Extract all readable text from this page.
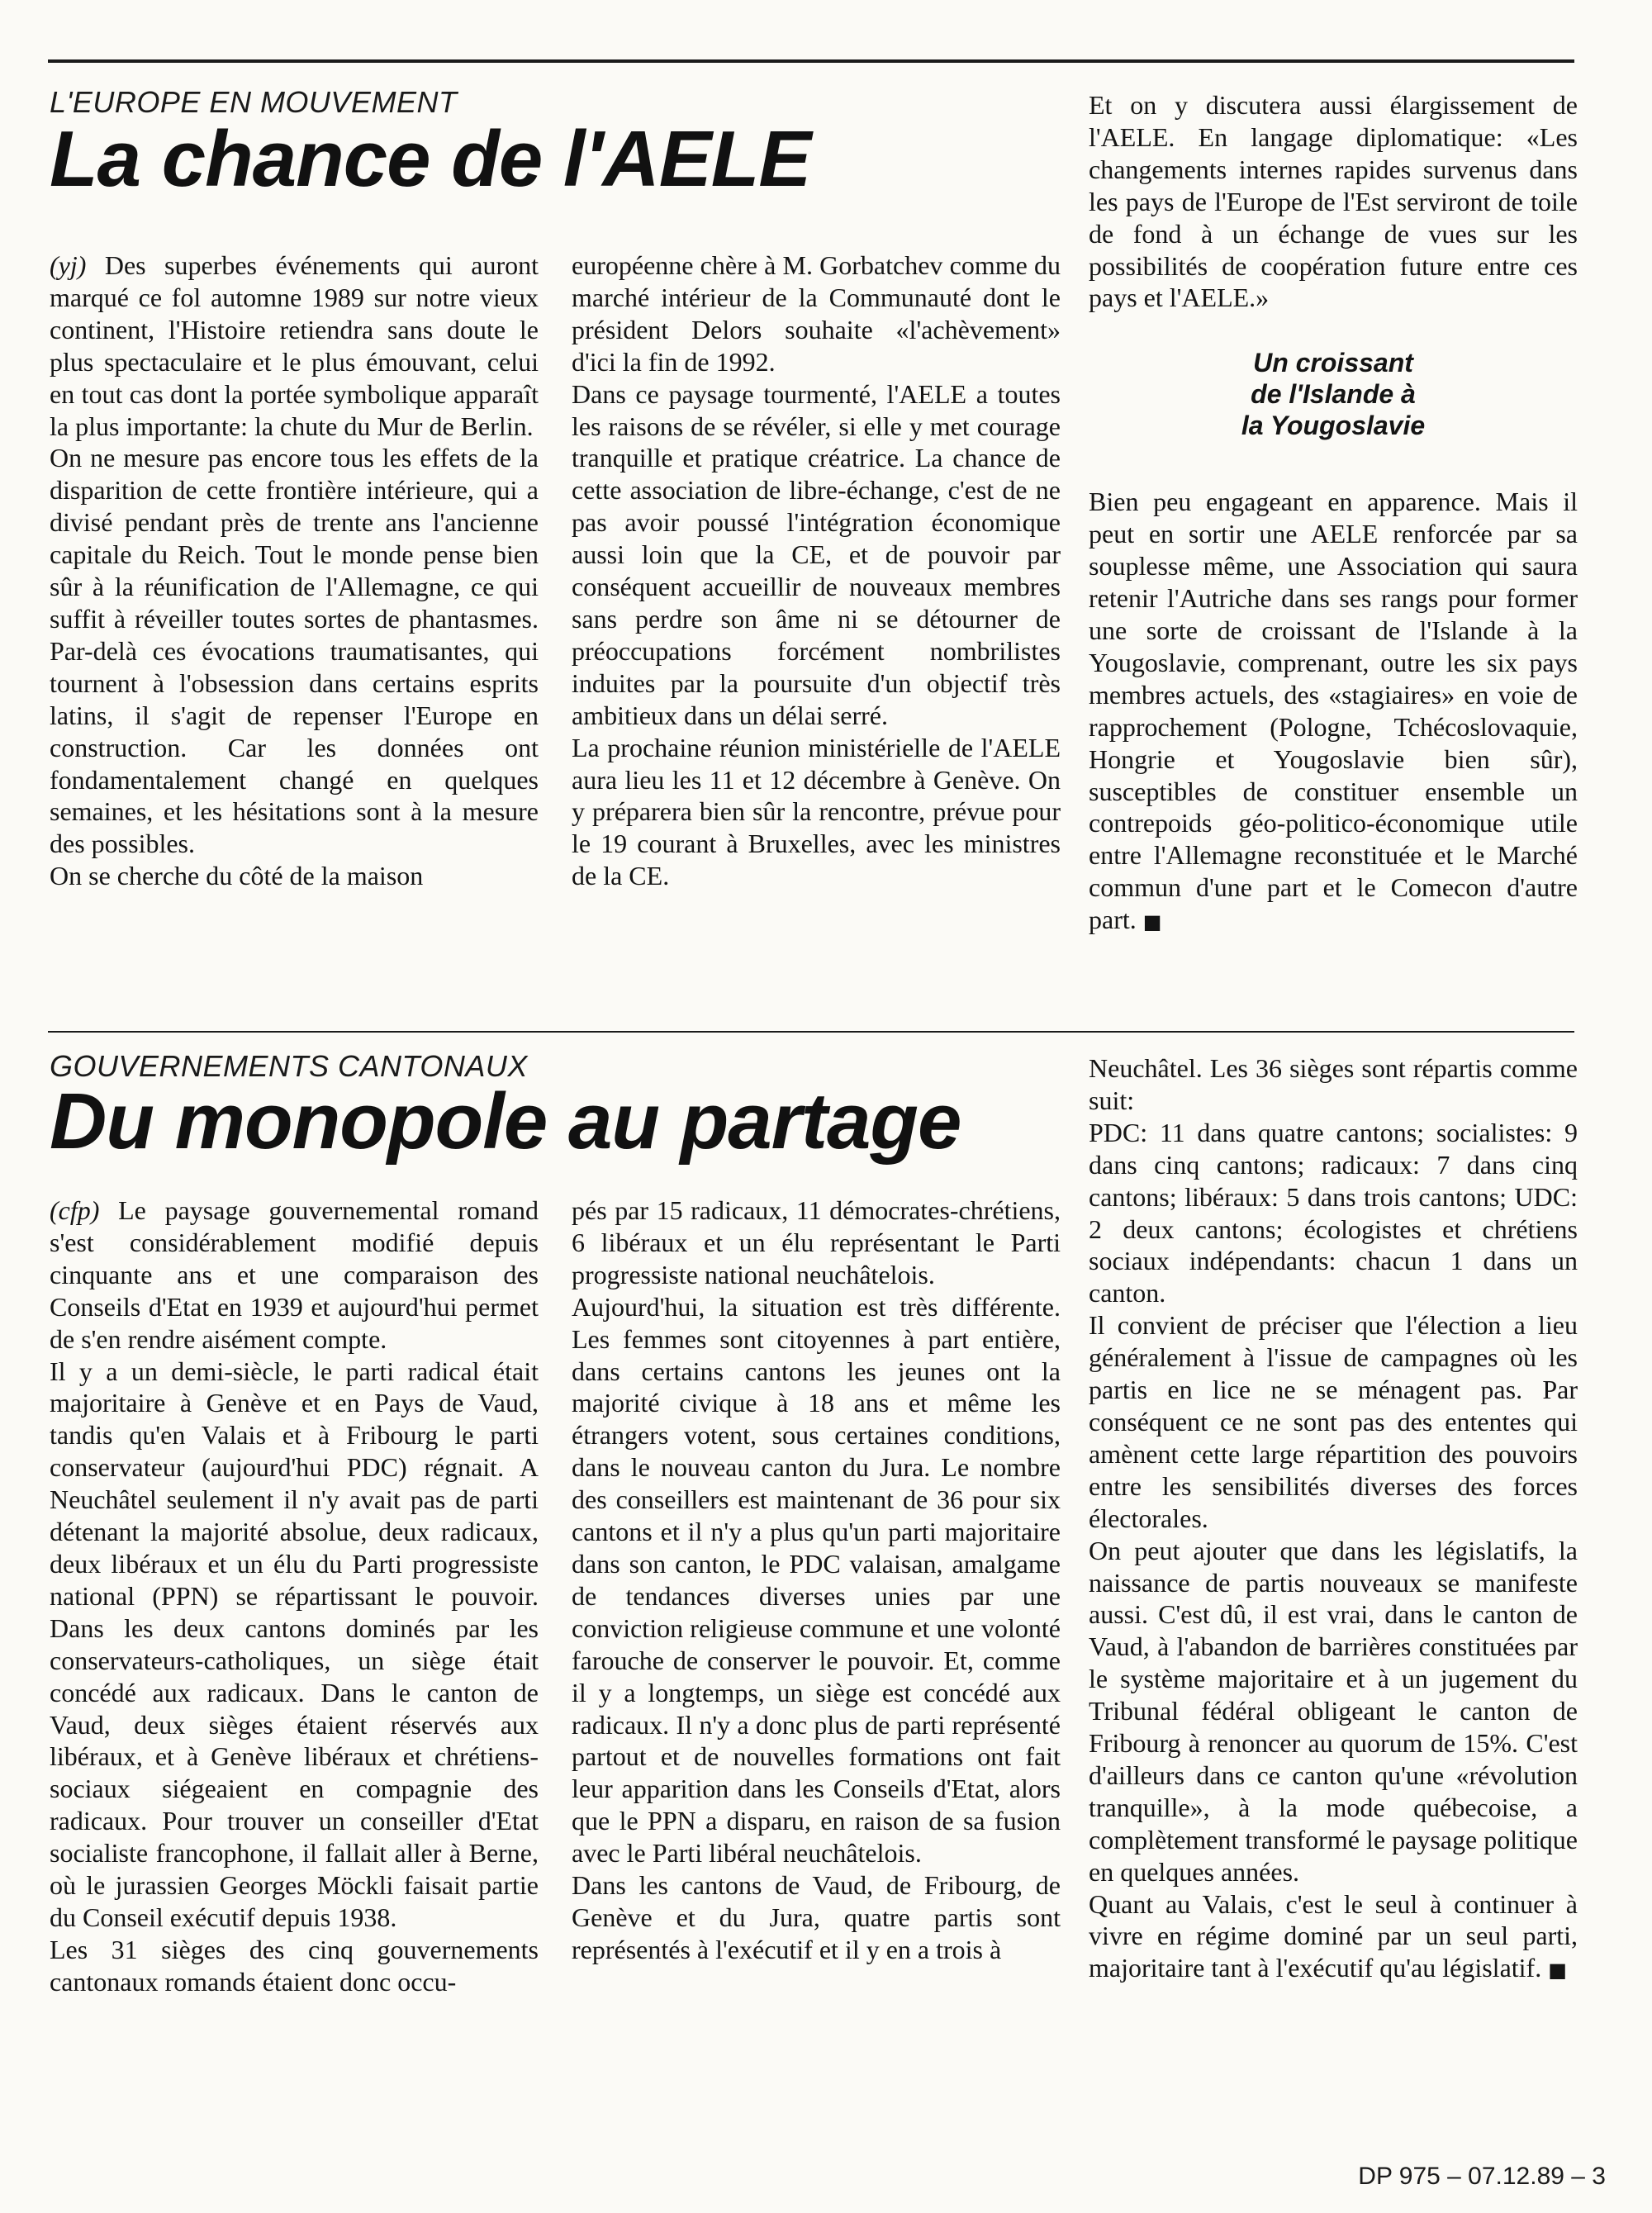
L'EUROPE EN MOUVEMENT
La chance de l'AELE

(yj) Des superbes événements qui auront marqué ce fol automne 1989 sur notre vieux continent, l'Histoire retiendra sans doute le plus spectaculaire et le plus émouvant, celui en tout cas dont la portée symbolique apparaît la plus importante: la chute du Mur de Berlin.

On ne mesure pas encore tous les effets de la disparition de cette frontière intérieure, qui a divisé pendant près de trente ans l'ancienne capitale du Reich. Tout le monde pense bien sûr à la réunification de l'Allemagne, ce qui suffit à réveiller toutes sortes de phantasmes. Par-delà ces évocations traumatisantes, qui tournent à l'obsession dans certains esprits latins, il s'agit de repenser l'Europe en construction. Car les données ont fondamentalement changé en quelques semaines, et les hésitations sont à la mesure des possibles.

On se cherche du côté de la maison

européenne chère à M. Gorbatchev comme du marché intérieur de la Communauté dont le président Delors souhaite «l'achèvement» d'ici la fin de 1992.

Dans ce paysage tourmenté, l'AELE a toutes les raisons de se révéler, si elle y met courage tranquille et pratique créatrice. La chance de cette association de libre-échange, c'est de ne pas avoir poussé l'intégration économique aussi loin que la CE, et de pouvoir par conséquent accueillir de nouveaux membres sans perdre son âme ni se détourner de préoccupations forcément nombrilistes induites par la poursuite d'un objectif très ambitieux dans un délai serré.

La prochaine réunion ministérielle de l'AELE aura lieu les 11 et 12 décembre à Genève. On y préparera bien sûr la rencontre, prévue pour le 19 courant à Bruxelles, avec les ministres de la CE.

Et on y discutera aussi élargissement de l'AELE. En langage diplomatique: «Les changements internes rapides survenus dans les pays de l'Europe de l'Est serviront de toile de fond à un échange de vues sur les possibilités de coopération future entre ces pays et l'AELE.»

Un croissant
de l'Islande à
la Yougoslavie

Bien peu engageant en apparence. Mais il peut en sortir une AELE renforcée par sa souplesse même, une Association qui saura retenir l'Autriche dans ses rangs pour former une sorte de croissant de l'Islande à la Yougoslavie, comprenant, outre les six pays membres actuels, des «stagiaires» en voie de rapprochement (Pologne, Tchécoslovaquie, Hongrie et Yougoslavie bien sûr), susceptibles de constituer ensemble un contrepoids géo-politico-économique utile entre l'Allemagne reconstituée et le Marché commun d'une part et le Comecon d'autre part. ■

GOUVERNEMENTS CANTONAUX
Du monopole au partage

(cfp) Le paysage gouvernemental romand s'est considérablement modifié depuis cinquante ans et une comparaison des Conseils d'Etat en 1939 et aujourd'hui permet de s'en rendre aisément compte.

Il y a un demi-siècle, le parti radical était majoritaire à Genève et en Pays de Vaud, tandis qu'en Valais et à Fribourg le parti conservateur (aujourd'hui PDC) régnait. A Neuchâtel seulement il n'y avait pas de parti détenant la majorité absolue, deux radicaux, deux libéraux et un élu du Parti progressiste national (PPN) se répartissant le pouvoir. Dans les deux cantons dominés par les conservateurs-catholiques, un siège était concédé aux radicaux. Dans le canton de Vaud, deux sièges étaient réservés aux libéraux, et à Genève libéraux et chrétiens-sociaux siégeaient en compagnie des radicaux. Pour trouver un conseiller d'Etat socialiste francophone, il fallait aller à Berne, où le jurassien Georges Möckli faisait partie du Conseil exécutif depuis 1938.

Les 31 sièges des cinq gouvernements cantonaux romands étaient donc occu-

pés par 15 radicaux, 11 démocrates-chrétiens, 6 libéraux et un élu représentant le Parti progressiste national neuchâtelois.

Aujourd'hui, la situation est très différente. Les femmes sont citoyennes à part entière, dans certains cantons les jeunes ont la majorité civique à 18 ans et même les étrangers votent, sous certaines conditions, dans le nouveau canton du Jura. Le nombre des conseillers est maintenant de 36 pour six cantons et il n'y a plus qu'un parti majoritaire dans son canton, le PDC valaisan, amalgame de tendances diverses unies par une conviction religieuse commune et une volonté farouche de conserver le pouvoir. Et, comme il y a longtemps, un siège est concédé aux radicaux. Il n'y a donc plus de parti représenté partout et de nouvelles formations ont fait leur apparition dans les Conseils d'Etat, alors que le PPN a disparu, en raison de sa fusion avec le Parti libéral neuchâtelois.

Dans les cantons de Vaud, de Fribourg, de Genève et du Jura, quatre partis sont représentés à l'exécutif et il y en a trois à

Neuchâtel. Les 36 sièges sont répartis comme suit:

PDC: 11 dans quatre cantons; socialistes: 9 dans cinq cantons; radicaux: 7 dans cinq cantons; libéraux: 5 dans trois cantons; UDC: 2 deux cantons; écologistes et chrétiens sociaux indépendants: chacun 1 dans un canton.

Il convient de préciser que l'élection a lieu généralement à l'issue de campagnes où les partis en lice ne se ménagent pas. Par conséquent ce ne sont pas des ententes qui amènent cette large répartition des pouvoirs entre les sensibilités diverses des forces électorales.

On peut ajouter que dans les législatifs, la naissance de partis nouveaux se manifeste aussi. C'est dû, il est vrai, dans le canton de Vaud, à l'abandon de barrières constituées par le système majoritaire et à un jugement du Tribunal fédéral obligeant le canton de Fribourg à renoncer au quorum de 15%. C'est d'ailleurs dans ce canton qu'une «révolution tranquille», à la mode québecoise, a complètement transformé le paysage politique en quelques années.

Quant au Valais, c'est le seul à continuer à vivre en régime dominé par un seul parti, majoritaire tant à l'exécutif qu'au législatif. ■

DP 975 – 07.12.89 – 3
